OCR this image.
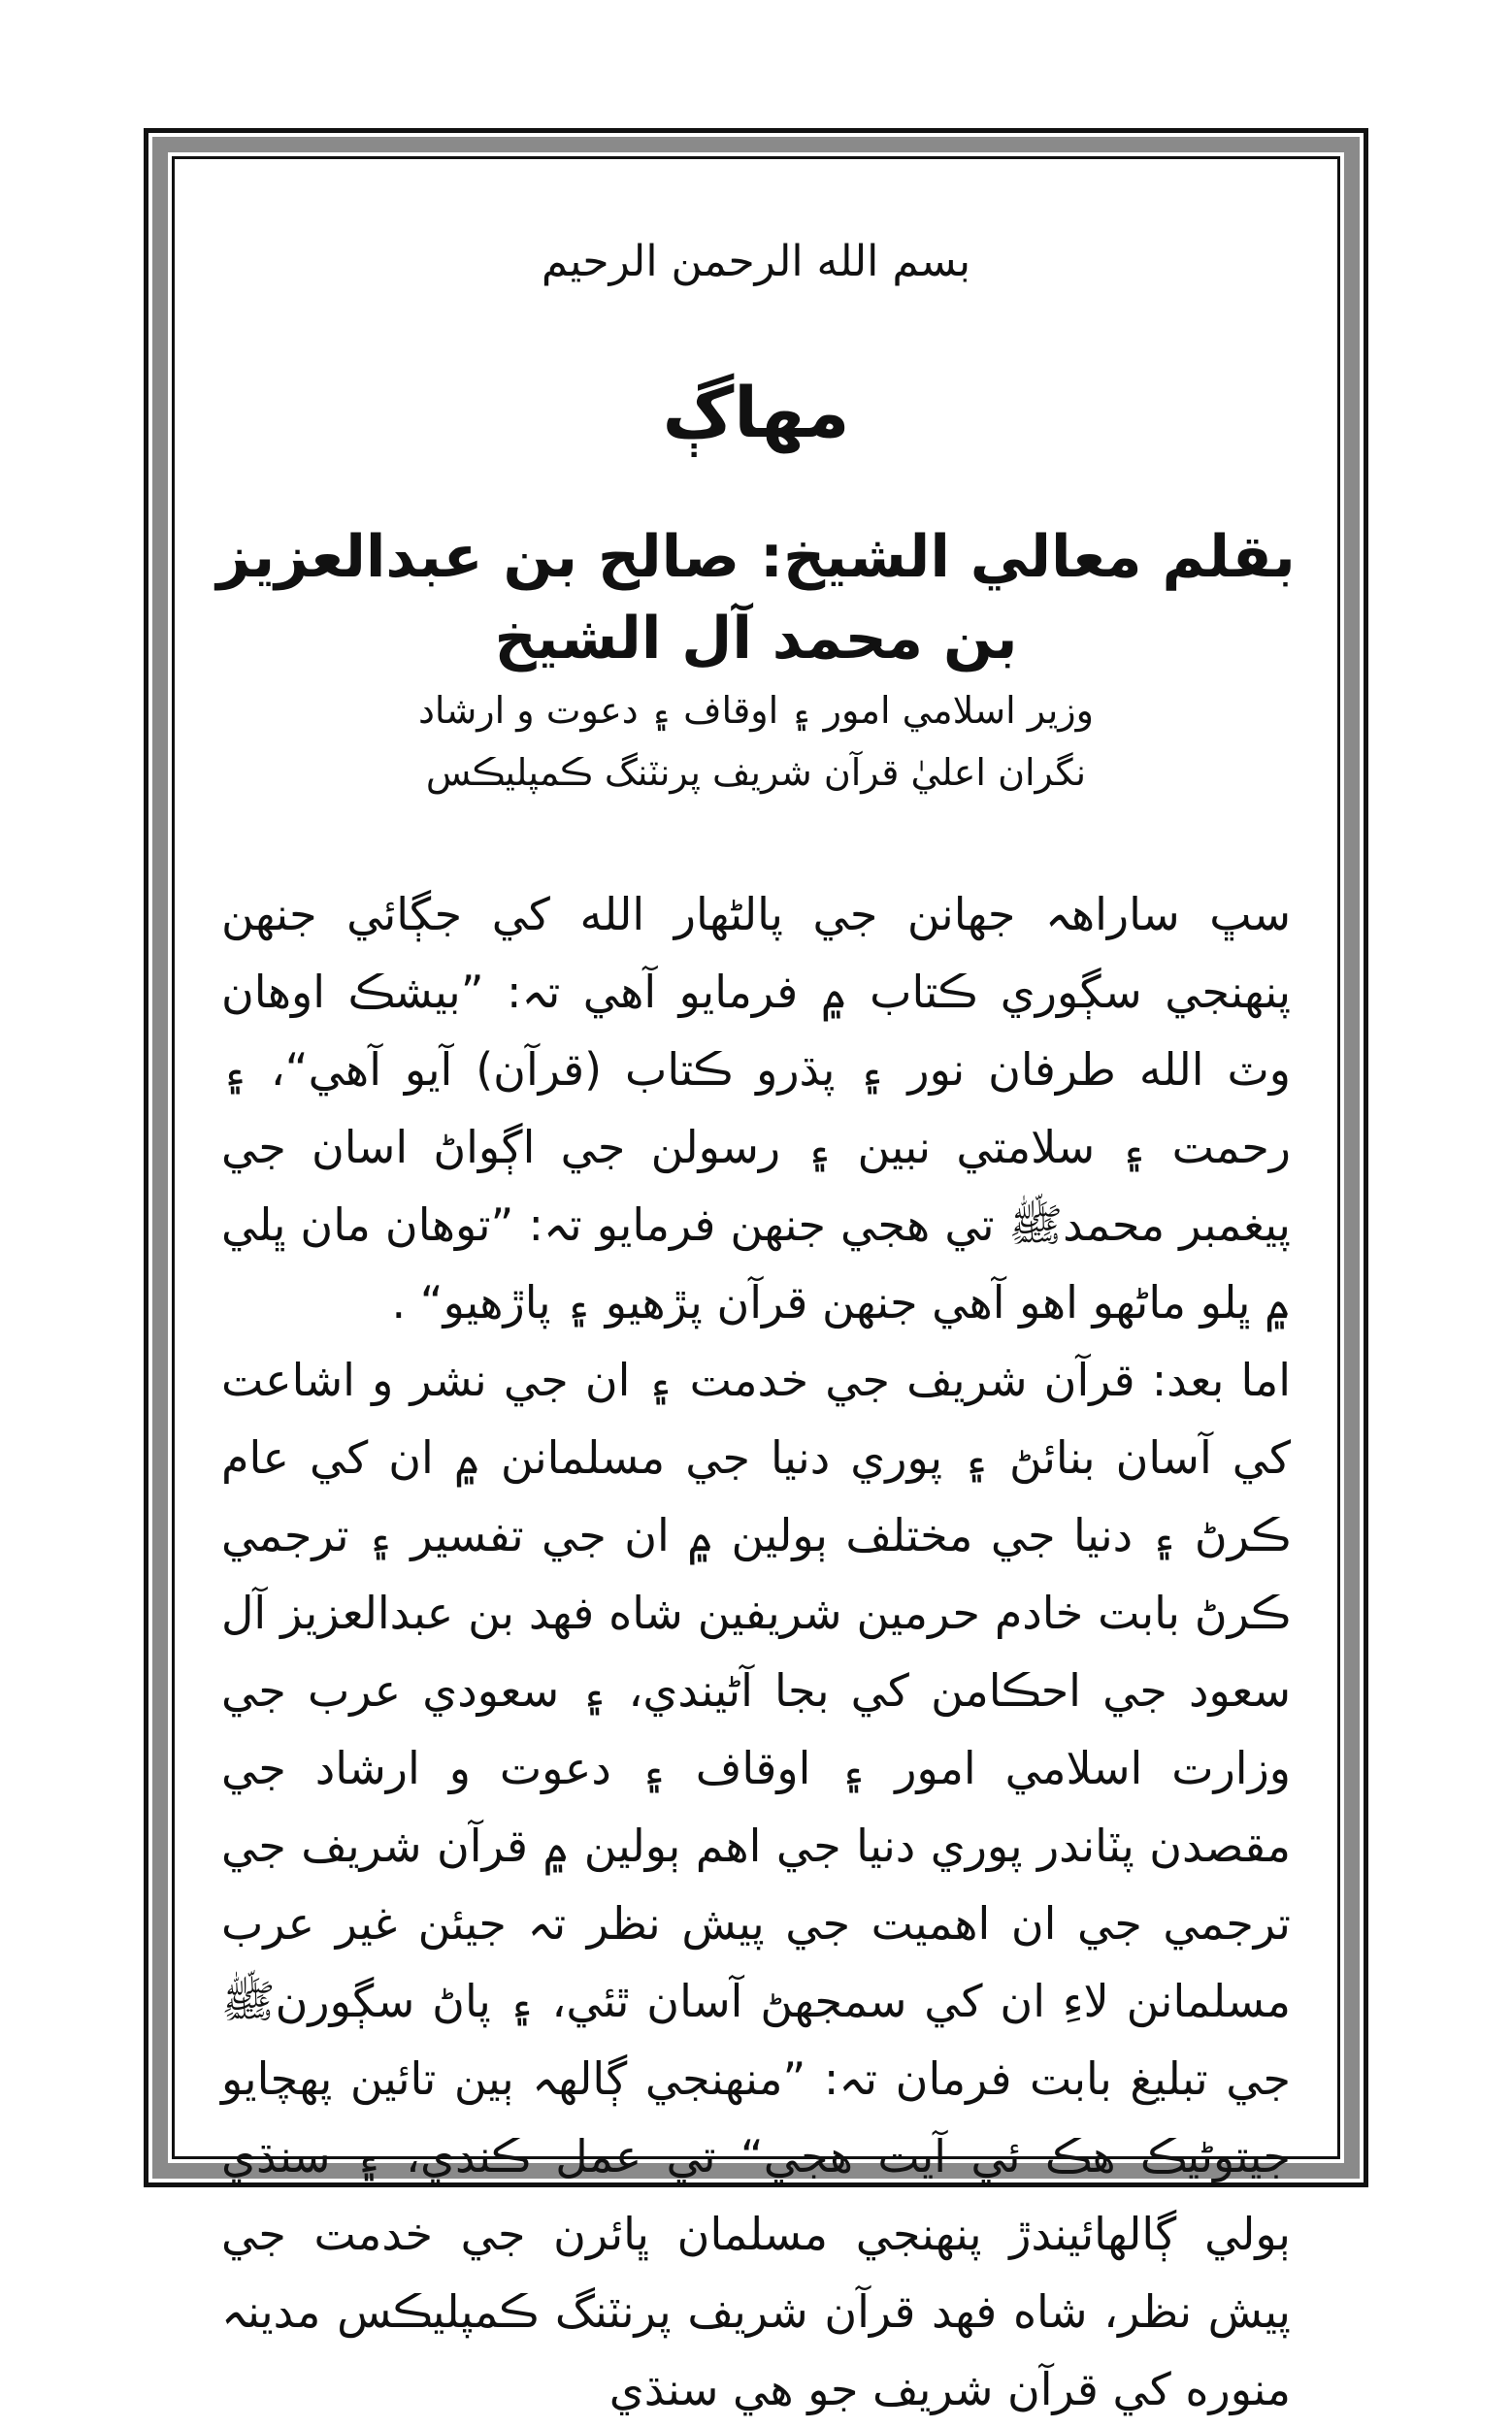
بسم الله الرحمن الرحيم
مهاڳ
بقلم معالي الشيخ: صالح بن عبدالعزيز بن محمد آل الشيخ
وزير اسلامي امور ۽ اوقاف ۽ دعوت و ارشاد
نگران اعليٰ قرآن شريف پرنٽنگ ڪمپليڪس

سڀ ساراهہ جهانن جي پالڻهار الله کي جڳائي جنهن پنهنجي سڳوري ڪتاب ۾ فرمايو آهي تہ: ”بيشڪ اوهان وٽ الله طرفان نور ۽ پڌرو ڪتاب (قرآن) آيو آهي“، ۽ رحمت ۽ سلامتي نبين ۽ رسولن جي اڳواڻ اسان جي پيغمبر محمدﷺ تي هجي جنهن فرمايو تہ: ”توهان مان ڀلي ۾ ڀلو ماڻهو اهو آهي جنهن قرآن پڙهيو ۽ پاڙهيو“ .

اما بعد: قرآن شريف جي خدمت ۽ ان جي نشر و اشاعت کي آسان بنائڻ ۽ پوري دنيا جي مسلمانن ۾ ان کي عام ڪرڻ ۽ دنيا جي مختلف ٻولين ۾ ان جي تفسير ۽ ترجمي ڪرڻ بابت خادم حرمين شريفين شاه فهد بن عبدالعزيز آل سعود جي احڪامن کي بجا آڻيندي، ۽ سعودي عرب جي وزارت اسلامي امور ۽ اوقاف ۽ دعوت و ارشاد جي مقصدن پٽاندر پوري دنيا جي اهم ٻولين ۾ قرآن شريف جي ترجمي جي ان اهميت جي پيش نظر تہ جيئن غير عرب مسلمانن لاءِ ان کي سمجهڻ آسان ٿئي، ۽ پاڻ سڳورنﷺ جي تبليغ بابت فرمان تہ: ”منهنجي ڳالهہ ٻين تائين پهچايو جيتوڻيڪ هڪ ئي آيت هجي“ تي عمل ڪندي، ۽ سنڌي ٻولي ڳالهائيندڙ پنهنجي مسلمان ڀائرن جي خدمت جي پيش نظر، شاه فهد قرآن شريف پرنٽنگ ڪمپليڪس مدينہ منوره کي قرآن شريف جو هي سنڌي
